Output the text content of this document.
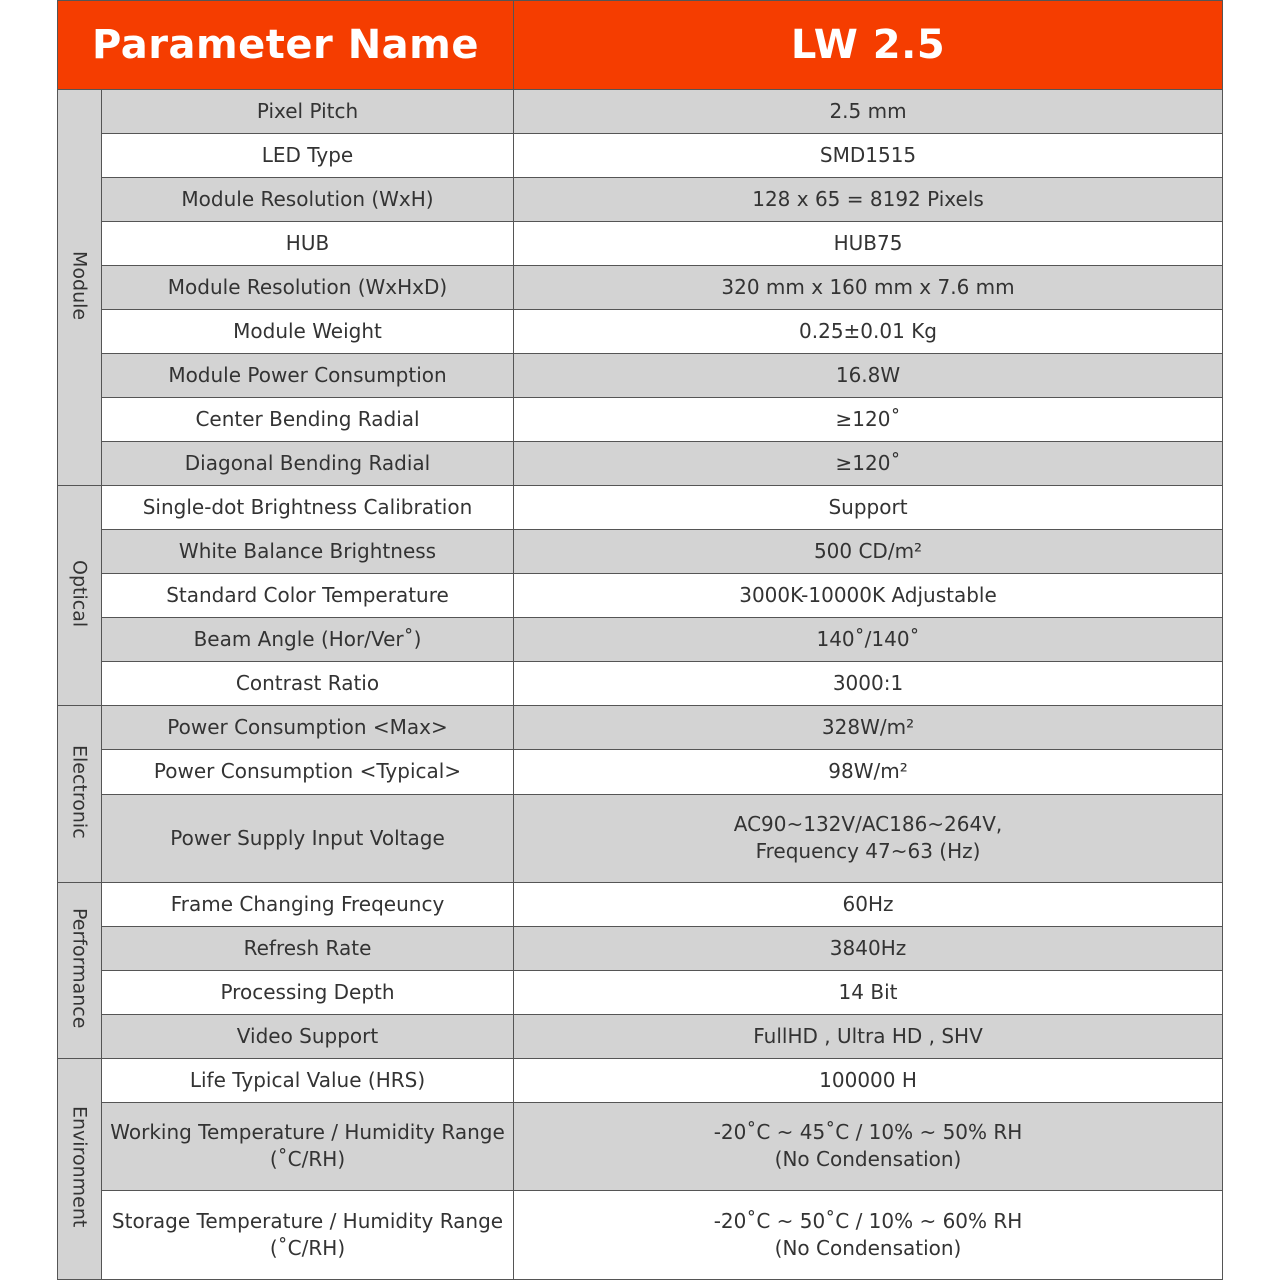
Parameter Name		LW 2.5
Module	Pixel Pitch	2.5 mm

	LED Type	SMD1515

	Module Resolution (WxH)	128 x 65 = 8192 Pixels

	HUB	HUB75

	Module Resolution (WxHxD)	320 mm x 160 mm x 7.6 mm

	Module Weight	0.25±0.01 Kg

	Module Power Consumption	16.8W

	Center Bending Radial	≥120˚

	Diagonal Bending Radial	≥120˚

Optical	Single-dot Brightness Calibration	Support

	White Balance Brightness	500 CD/m²

	Standard Color Temperature	3000K-10000K Adjustable

	Beam Angle (Hor/Ver˚)	140˚/140˚

	Contrast Ratio	3000:1

Electronic	Power Consumption <Max>	328W/m²

	Power Consumption <Typical>	98W/m²

	Power Supply Input Voltage	AC90~132V/AC186~264V,
Frequency 47~63 (Hz)

Performance	Frame Changing Freqeuncy	60Hz

	Refresh Rate	3840Hz

	Processing Depth	14 Bit

	Video Support	FullHD , Ultra HD , SHV

Environment	Life Typical Value (HRS)	100000 H

	Working Temperature / Humidity Range (˚C/RH)	-20˚C ~ 45˚C / 10% ~ 50% RH
(No Condensation)

	Storage Temperature / Humidity Range (˚C/RH)	-20˚C ~ 50˚C / 10% ~ 60% RH
(No Condensation)
